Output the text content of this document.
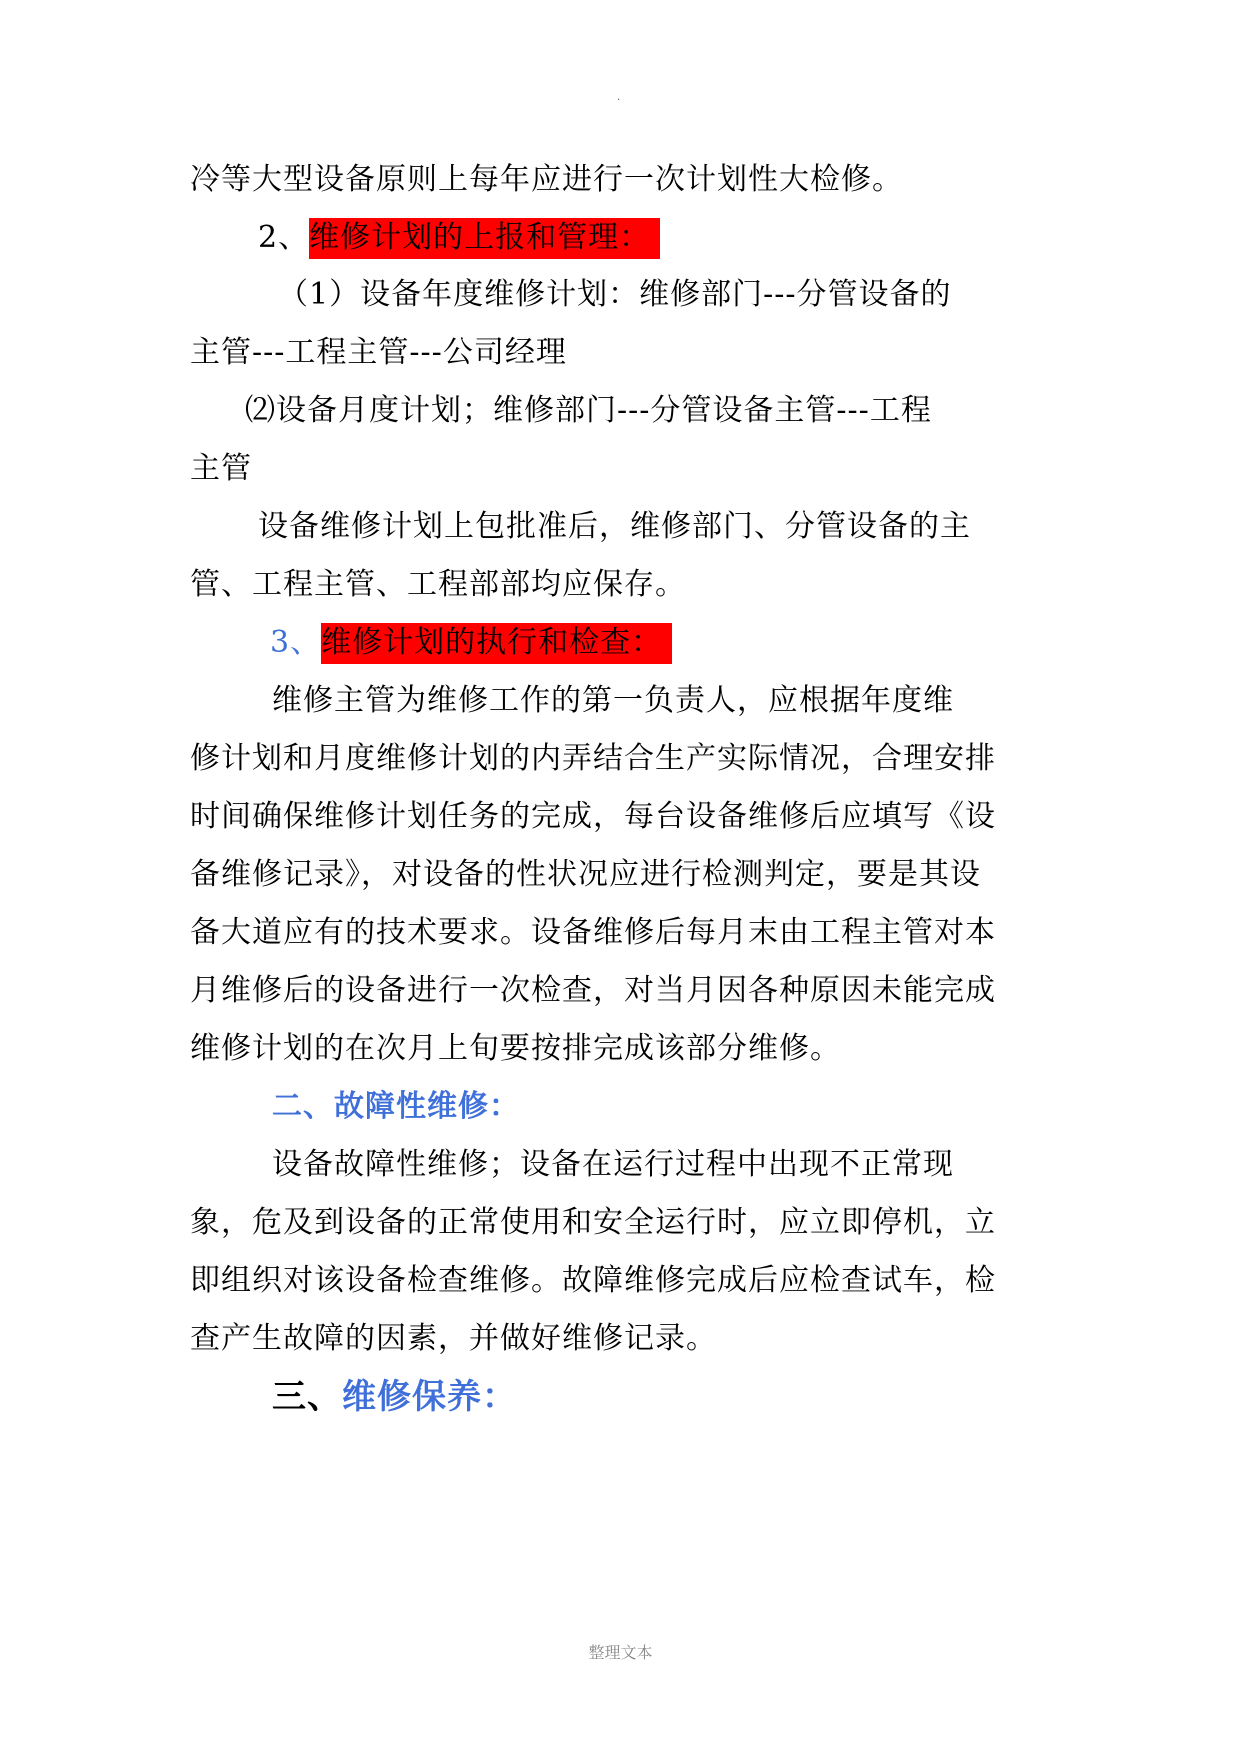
.
冷等大型设备原则上每年应进行一次计划性大检修。
2、维修计划的上报和管理：
（1）设备年度维修计划：维修部门---分管设备的
主管---工程主管---公司经理
⑵设备月度计划；维修部门---分管设备主管---工程
主管
设备维修计划上包批准后，维修部门、分管设备的主
管、工程主管、工程部部均应保存。
3、维修计划的执行和检查：
维修主管为维修工作的第一负责人，应根据年度维
修计划和月度维修计划的内弄结合生产实际情况，合理安排
时间确保维修计划任务的完成，每台设备维修后应填写《设
备维修记录》，对设备的性状况应进行检测判定，要是其设
备大道应有的技术要求。设备维修后每月末由工程主管对本
月维修后的设备进行一次检查，对当月因各种原因未能完成
维修计划的在次月上旬要按排完成该部分维修。
二、故障性维修：
设备故障性维修；设备在运行过程中出现不正常现
象，危及到设备的正常使用和安全运行时，应立即停机，立
即组织对该设备检查维修。故障维修完成后应检查试车，检
查产生故障的因素，并做好维修记录。
三、维修保养：
整理文本
